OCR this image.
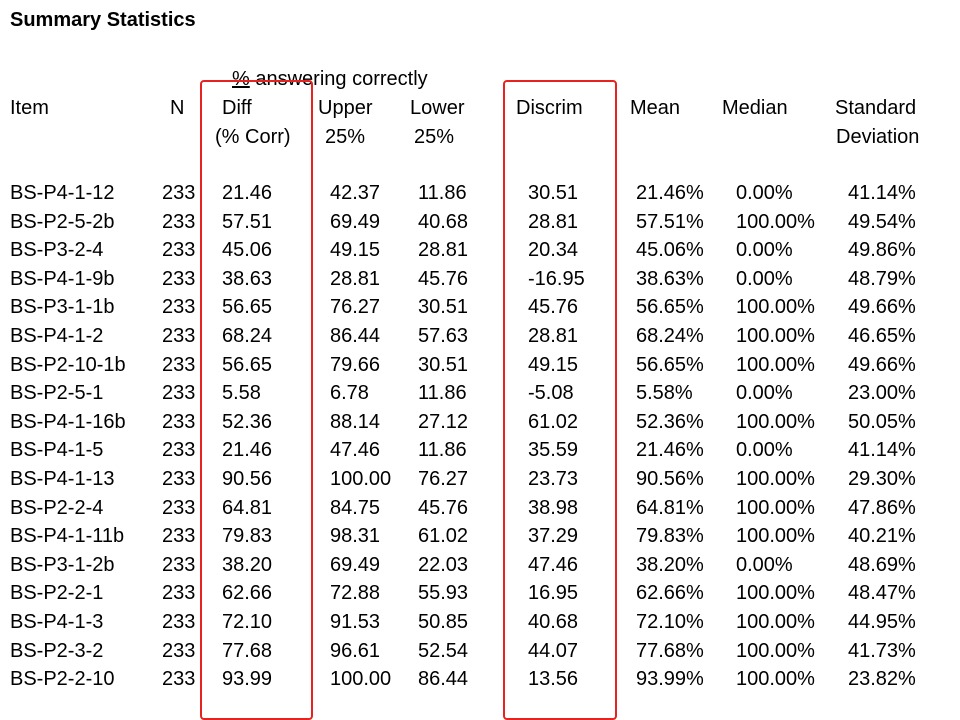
Summary Statistics
% answering correctly
Item	N Diff	Upper Lower	Discrim Mean Median Standard
(% Corr) 25% 25%	Deviation
BS-P4-1-12 233 21.46	42.37 11.86	30.51	21.46% 0.00%	41.14%
BS-P2-5-2b 233 57.51	69.49 40.68	28.81	57.51% 100.00% 49.54%
BS-P3-2-4	233 45.06	49.15 28.81	20.34	45.06% 0.00%	49.86%
BS-P4-1-9b 233 38.63	28.81 45.76	-16.95	38.63% 0.00%	48.79%
BS-P3-1-1b 233 56.65	76.27 30.51	45.76	56.65% 100.00% 49.66%
BS-P4-1-2	233 68.24	86.44 57.63	28.81	68.24% 100.00% 46.65%
BS-P2-10-1b 233 56.65	79.66 30.51	49.15	56.65% 100.00% 49.66%
BS-P2-5-1	233 5.58	6.78 11.86	-5.08	5.58% 0.00%	23.00%
BS-P4-1-16b 233 52.36	88.14 27.12	61.02	52.36% 100.00% 50.05%
BS-P4-1-5	233 21.46	47.46 11.86	35.59	21.46% 0.00%	41.14%
BS-P4-1-13 233 90.56	100.00 76.27	23.73	90.56% 100.00% 29.30%
BS-P2-2-4	233 64.81	84.75 45.76	38.98	64.81% 100.00% 47.86%
BS-P4-1-11b 233 79.83	98.31 61.02	37.29	79.83% 100.00% 40.21%
BS-P3-1-2b 233 38.20	69.49 22.03	47.46	38.20% 0.00%	48.69%
BS-P2-2-1	233 62.66	72.88 55.93	16.95	62.66% 100.00% 48.47%
BS-P4-1-3	233 72.10	91.53 50.85	40.68	72.10% 100.00% 44.95%
BS-P2-3-2	233 77.68	96.61 52.54	44.07	77.68% 100.00% 41.73%
BS-P2-2-10 233 93.99	100.00 86.44	13.56	93.99% 100.00% 23.82%
